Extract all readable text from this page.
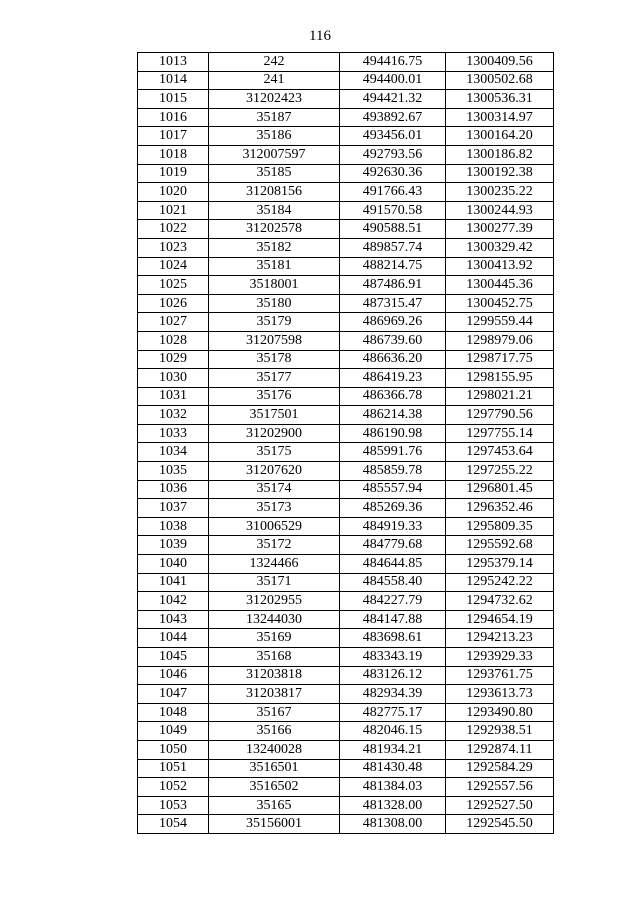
116
1013	242	494416.75	1300409.56
1014	241	494400.01	1300502.68
1015	31202423	494421.32	1300536.31
1016	35187	493892.67	1300314.97
1017	35186	493456.01	1300164.20
1018	312007597	492793.56	1300186.82
1019	35185	492630.36	1300192.38
1020	31208156	491766.43	1300235.22
1021	35184	491570.58	1300244.93
1022	31202578	490588.51	1300277.39
1023	35182	489857.74	1300329.42
1024	35181	488214.75	1300413.92
1025	3518001	487486.91	1300445.36
1026	35180	487315.47	1300452.75
1027	35179	486969.26	1299559.44
1028	31207598	486739.60	1298979.06
1029	35178	486636.20	1298717.75
1030	35177	486419.23	1298155.95
1031	35176	486366.78	1298021.21
1032	3517501	486214.38	1297790.56
1033	31202900	486190.98	1297755.14
1034	35175	485991.76	1297453.64
1035	31207620	485859.78	1297255.22
1036	35174	485557.94	1296801.45
1037	35173	485269.36	1296352.46
1038	31006529	484919.33	1295809.35
1039	35172	484779.68	1295592.68
1040	1324466	484644.85	1295379.14
1041	35171	484558.40	1295242.22
1042	31202955	484227.79	1294732.62
1043	13244030	484147.88	1294654.19
1044	35169	483698.61	1294213.23
1045	35168	483343.19	1293929.33
1046	31203818	483126.12	1293761.75
1047	31203817	482934.39	1293613.73
1048	35167	482775.17	1293490.80
1049	35166	482046.15	1292938.51
1050	13240028	481934.21	1292874.11
1051	3516501	481430.48	1292584.29
1052	3516502	481384.03	1292557.56
1053	35165	481328.00	1292527.50
1054	35156001	481308.00	1292545.50
